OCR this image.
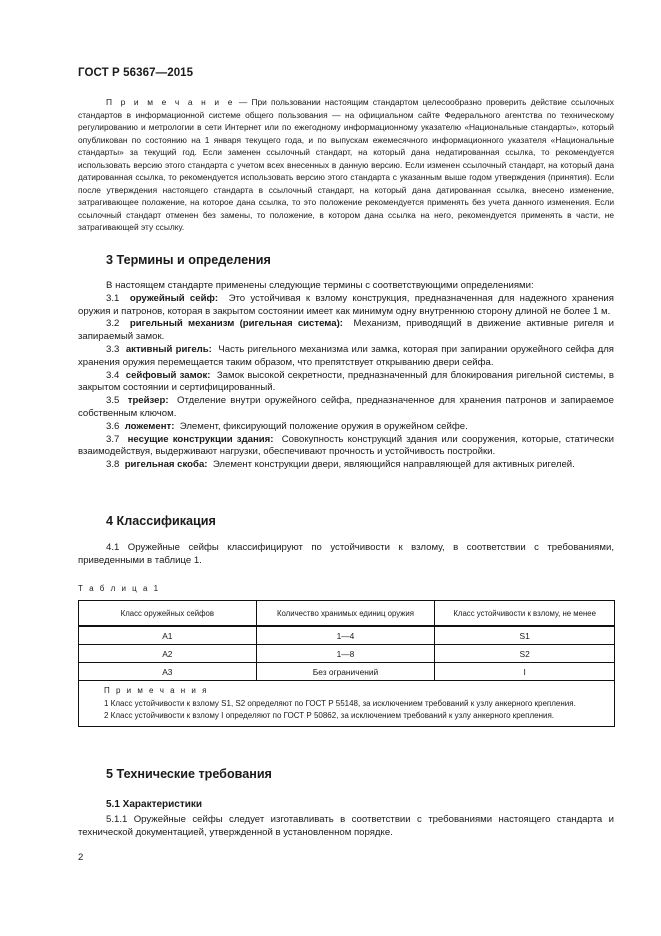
ГОСТ Р 56367—2015

П р и м е ч а н и е — При пользовании настоящим стандартом целесообразно проверить действие ссылочных стандартов в информационной системе общего пользования — на официальном сайте Федерального агентства по техническому регулированию и метрологии в сети Интернет или по ежегодному информационному указателю «Национальные стандарты», который опубликован по состоянию на 1 января текущего года, и по выпускам ежемесячного информационного указателя «Национальные стандарты» за текущий год. Если заменен ссылочный стандарт, на который дана недатированная ссылка, то рекомендуется использовать версию этого стандарта с учетом всех внесенных в данную версию. Если изменен ссылочный стандарт, на который дана датированная ссылка, то рекомендуется использовать версию этого стандарта с указанным выше годом утверждения (принятия). Если после утверждения настоящего стандарта в ссылочный стандарт, на который дана датированная ссылка, внесено изменение, затрагивающее положение, на которое дана ссылка, то это положение рекомендуется применять без учета данного изменения. Если ссылочный стандарт отменен без замены, то положение, в котором дана ссылка на него, рекомендуется применять в части, не затрагивающей эту ссылку.

3 Термины и определения

В настоящем стандарте применены следующие термины с соответствующими определениями:

3.1 оружейный сейф: Это устойчивая к взлому конструкция, предназначенная для надежного хранения оружия и патронов, которая в закрытом состоянии имеет как минимум одну внутреннюю сторону длиной не более 1 м.

3.2 ригельный механизм (ригельная система): Механизм, приводящий в движение активные ригеля и запираемый замок.

3.3 активный ригель: Часть ригельного механизма или замка, которая при запирании оружейного сейфа для хранения оружия перемещается таким образом, что препятствует открыванию двери сейфа.

3.4 сейфовый замок: Замок высокой секретности, предназначенный для блокирования ригельной системы, в закрытом состоянии и сертифицированный.

3.5 трейзер: Отделение внутри оружейного сейфа, предназначенное для хранения патронов и запираемое собственным ключом.

3.6 ложемент: Элемент, фиксирующий положение оружия в оружейном сейфе.

3.7 несущие конструкции здания: Совокупность конструкций здания или сооружения, которые, статически взаимодействуя, выдерживают нагрузки, обеспечивают прочность и устойчивость постройки.

3.8 ригельная скоба: Элемент конструкции двери, являющийся направляющей для активных ригелей.

4 Классификация

4.1 Оружейные сейфы классифицируют по устойчивости к взлому, в соответствии с требованиями, приведенными в таблице 1.

Т а б л и ц а 1
Класс оружейных сейфов	Количество хранимых единиц оружия	Класс устойчивости к взлому, не менее
А1	1—4	S1
А2	1—8	S2
А3	Без ограничений	I

П р и м е ч а н и я

1 Класс устойчивости к взлому S1, S2 определяют по ГОСТ Р 55148, за исключением требований к узлу анкерного крепления.

2 Класс устойчивости к взлому I определяют по ГОСТ Р 50862, за исключением требований к узлу анкерного крепления.		

5 Технические требования
5.1 Характеристики

5.1.1 Оружейные сейфы следует изготавливать в соответствии с требованиями настоящего стандарта и технической документацией, утвержденной в установленном порядке.

2
